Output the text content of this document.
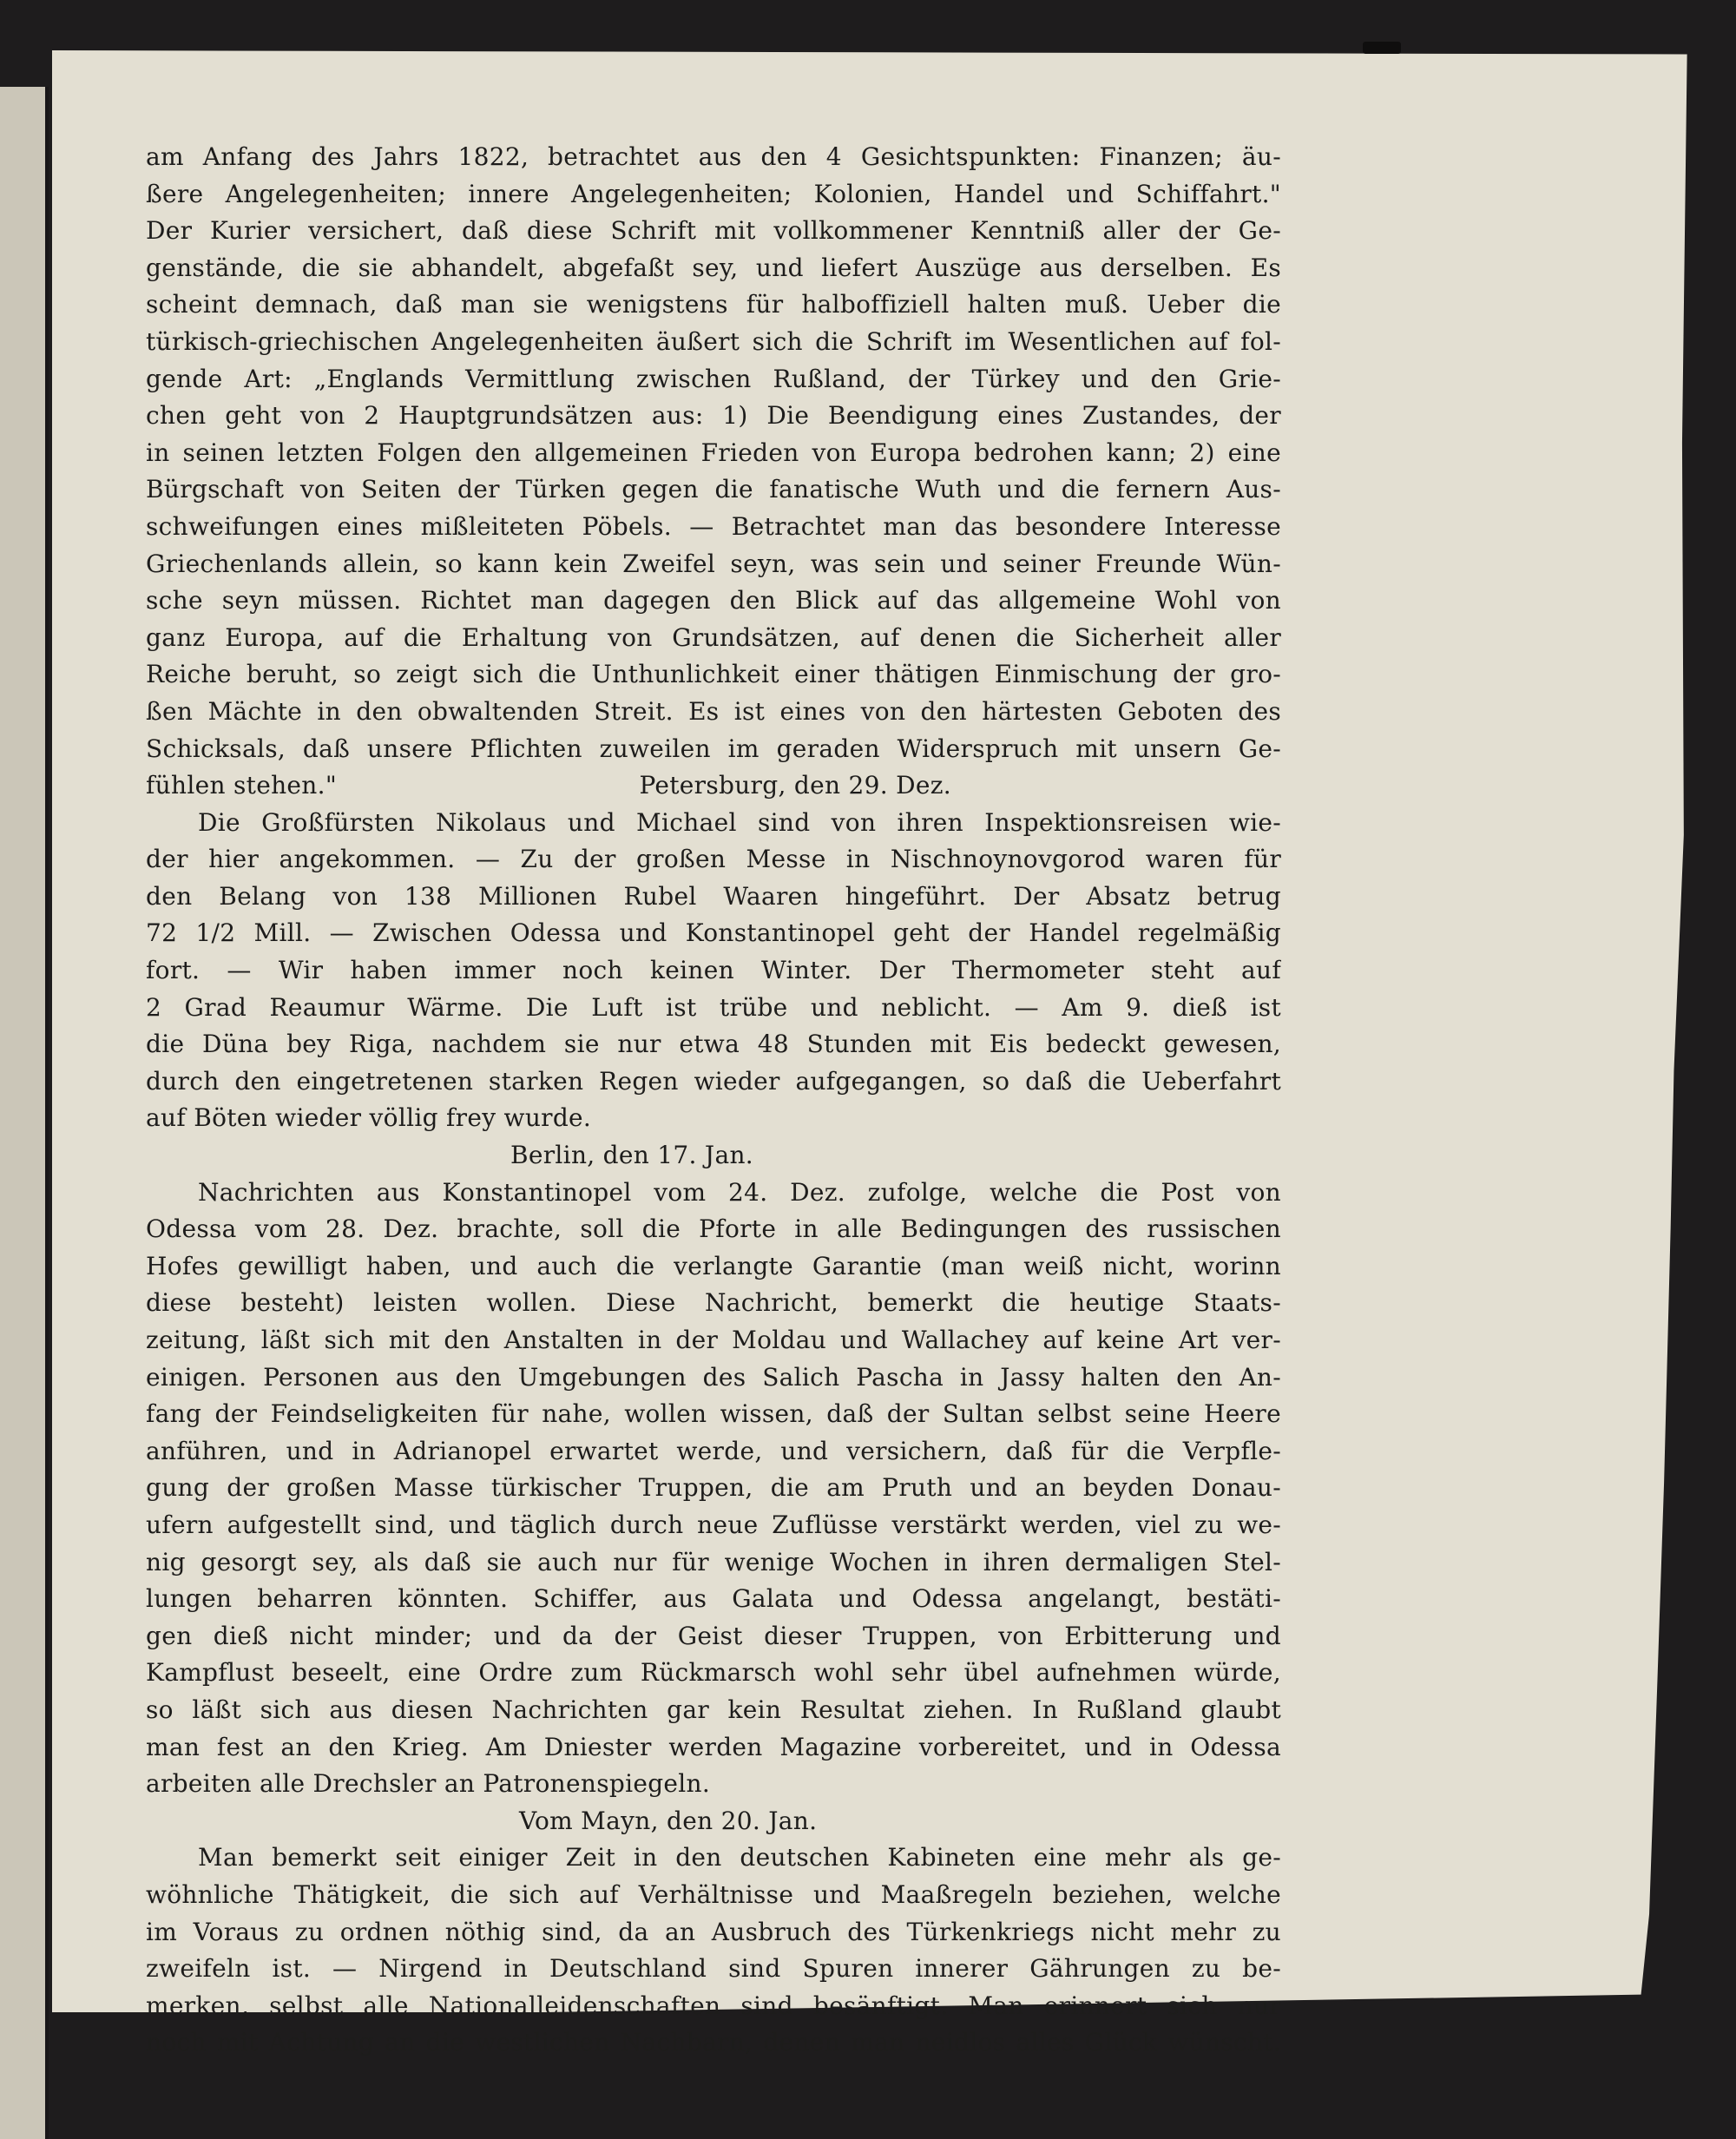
am Anfang des Jahrs 1822, betrachtet aus den 4 Gesichtspunkten: Finanzen; äu-
ßere Angelegenheiten; innere Angelegenheiten; Kolonien, Handel und Schiffahrt."
Der Kurier versichert, daß diese Schrift mit vollkommener Kenntniß aller der Ge-
genstände, die sie abhandelt, abgefaßt sey, und liefert Auszüge aus derselben. Es
scheint demnach, daß man sie wenigstens für halboffiziell halten muß. Ueber die
türkisch-griechischen Angelegenheiten äußert sich die Schrift im Wesentlichen auf fol-
gende Art: „Englands Vermittlung zwischen Rußland, der Türkey und den Grie-
chen geht von 2 Hauptgrundsätzen aus: 1) Die Beendigung eines Zustandes, der
in seinen letzten Folgen den allgemeinen Frieden von Europa bedrohen kann; 2) eine
Bürgschaft von Seiten der Türken gegen die fanatische Wuth und die fernern Aus-
schweifungen eines mißleiteten Pöbels. — Betrachtet man das besondere Interesse
Griechenlands allein, so kann kein Zweifel seyn, was sein und seiner Freunde Wün-
sche seyn müssen. Richtet man dagegen den Blick auf das allgemeine Wohl von
ganz Europa, auf die Erhaltung von Grundsätzen, auf denen die Sicherheit aller
Reiche beruht, so zeigt sich die Unthunlichkeit einer thätigen Einmischung der gro-
ßen Mächte in den obwaltenden Streit. Es ist eines von den härtesten Geboten des
Schicksals, daß unsere Pflichten zuweilen im geraden Widerspruch mit unsern Ge-
fühlen stehen."	Petersburg, den 29. Dez.
Die Großfürsten Nikolaus und Michael sind von ihren Inspektionsreisen wie-
der hier angekommen. — Zu der großen Messe in Nischnoynovgorod waren für
den Belang von 138 Millionen Rubel Waaren hingeführt. Der Absatz betrug
72 1/2 Mill. — Zwischen Odessa und Konstantinopel geht der Handel regelmäßig
fort. — Wir haben immer noch keinen Winter. Der Thermometer steht auf
2 Grad Reaumur Wärme. Die Luft ist trübe und neblicht. — Am 9. dieß ist
die Düna bey Riga, nachdem sie nur etwa 48 Stunden mit Eis bedeckt gewesen,
durch den eingetretenen starken Regen wieder aufgegangen, so daß die Ueberfahrt
auf Böten wieder völlig frey wurde.
Berlin, den 17. Jan.
Nachrichten aus Konstantinopel vom 24. Dez. zufolge, welche die Post von
Odessa vom 28. Dez. brachte, soll die Pforte in alle Bedingungen des russischen
Hofes gewilligt haben, und auch die verlangte Garantie (man weiß nicht, worinn
diese besteht) leisten wollen. Diese Nachricht, bemerkt die heutige Staats-
zeitung, läßt sich mit den Anstalten in der Moldau und Wallachey auf keine Art ver-
einigen. Personen aus den Umgebungen des Salich Pascha in Jassy halten den An-
fang der Feindseligkeiten für nahe, wollen wissen, daß der Sultan selbst seine Heere
anführen, und in Adrianopel erwartet werde, und versichern, daß für die Verpfle-
gung der großen Masse türkischer Truppen, die am Pruth und an beyden Donau-
ufern aufgestellt sind, und täglich durch neue Zuflüsse verstärkt werden, viel zu we-
nig gesorgt sey, als daß sie auch nur für wenige Wochen in ihren dermaligen Stel-
lungen beharren könnten. Schiffer, aus Galata und Odessa angelangt, bestäti-
gen dieß nicht minder; und da der Geist dieser Truppen, von Erbitterung und
Kampflust beseelt, eine Ordre zum Rückmarsch wohl sehr übel aufnehmen würde,
so läßt sich aus diesen Nachrichten gar kein Resultat ziehen. In Rußland glaubt
man fest an den Krieg. Am Dniester werden Magazine vorbereitet, und in Odessa
arbeiten alle Drechsler an Patronenspiegeln.
Vom Mayn, den 20. Jan.
Man bemerkt seit einiger Zeit in den deutschen Kabineten eine mehr als ge-
wöhnliche Thätigkeit, die sich auf Verhältnisse und Maaßregeln beziehen, welche
im Voraus zu ordnen nöthig sind, da an Ausbruch des Türkenkriegs nicht mehr zu
zweifeln ist. — Nirgend in Deutschland sind Spuren innerer Gährungen zu be-
merken, selbst alle Nationalleidenschaften sind besänftigt. Man erinnert sich nur
noch mit Achtung an die westlichen Nachbarn, denen man neidlos alles Glück wünscht.
